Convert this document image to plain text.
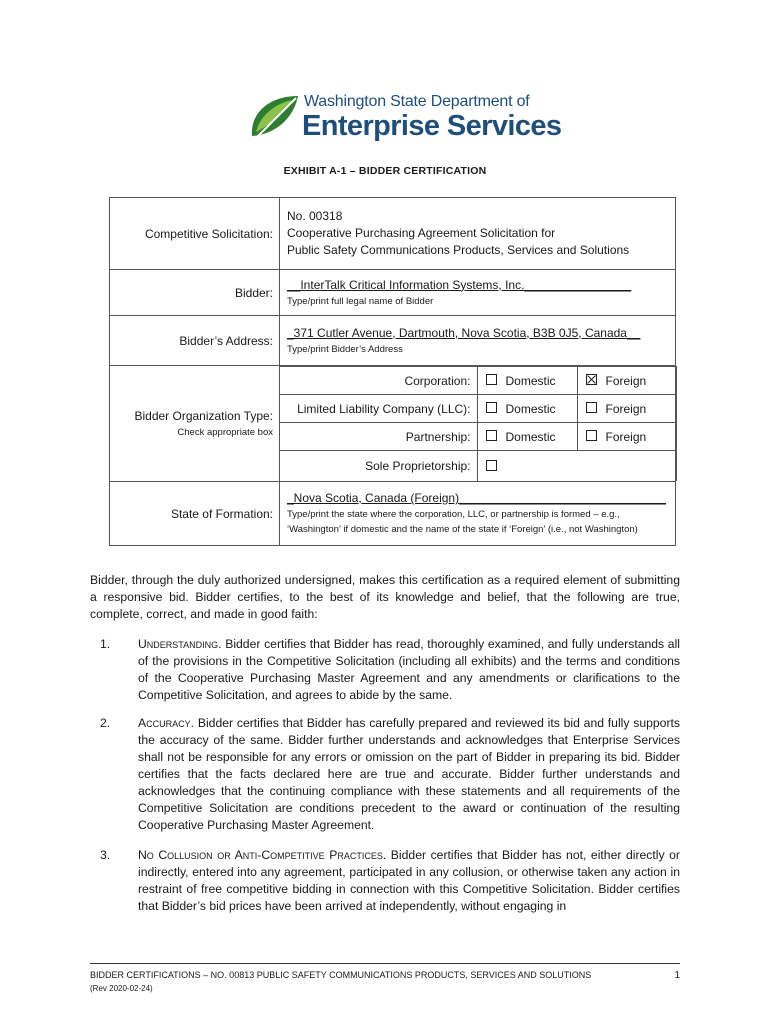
Washington State Department of
Enterprise Services
EXHIBIT A-1 – BIDDER CERTIFICATION
Competitive Solicitation:	
No. 00318
Cooperative Purchasing Agreement Solicitation for
Public Safety Communications Products, Services and Solutions

Bidder:	
__InterTalk Critical Information Systems, Inc.________________
Type/print full legal name of Bidder

Bidder’s Address:	
_371 Cutler Avenue, Dartmouth, Nova Scotia, B3B 0J5, Canada__
Type/print Bidder’s Address

Bidder Organization Type:
Check appropriate box

Corporation:	Domestic	Foreign
Limited Liability Company (LLC):	Domestic	Foreign
Partnership:	Domestic	Foreign
Sole Proprietorship:	

State of Formation:	
_Nova Scotia, Canada (Foreign)_______________________________
Type/print the state where the corporation, LLC, or partnership is formed – e.g.,
‘Washington’ if domestic and the name of the state if ‘Foreign’ (i.e., not Washington)
Bidder, through the duly authorized undersigned, makes this certification as a required element of submitting a responsive bid. Bidder certifies, to the best of its knowledge and belief, that the following are true, complete, correct, and made in good faith:
1. Understanding. Bidder certifies that Bidder has read, thoroughly examined, and fully understands all of the provisions in the Competitive Solicitation (including all exhibits) and the terms and conditions of the Cooperative Purchasing Master Agreement and any amendments or clarifications to the Competitive Solicitation, and agrees to abide by the same.
2. Accuracy. Bidder certifies that Bidder has carefully prepared and reviewed its bid and fully supports the accuracy of the same. Bidder further understands and acknowledges that Enterprise Services shall not be responsible for any errors or omission on the part of Bidder in preparing its bid. Bidder certifies that the facts declared here are true and accurate. Bidder further understands and acknowledges that the continuing compliance with these statements and all requirements of the Competitive Solicitation are conditions precedent to the award or continuation of the resulting Cooperative Purchasing Master Agreement.
3. No Collusion or Anti-Competitive Practices. Bidder certifies that Bidder has not, either directly or indirectly, entered into any agreement, participated in any collusion, or otherwise taken any action in restraint of free competitive bidding in connection with this Competitive Solicitation. Bidder certifies that Bidder’s bid prices have been arrived at independently, without engaging in
BIDDER CERTIFICATIONS – NO. 00813 PUBLIC SAFETY COMMUNICATIONS PRODUCTS, SERVICES AND SOLUTIONS
(Rev 2020-02-24)
1
